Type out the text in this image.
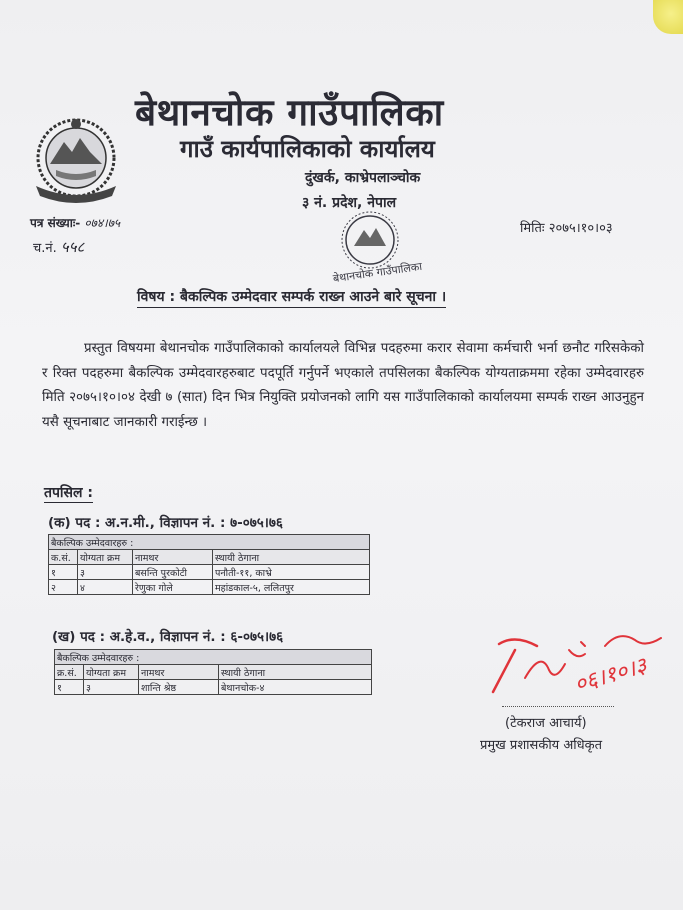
बेथानचोक गाउँपालिका
गाउँ कार्यपालिकाको कार्यालय
दुंखर्क, काभ्रेपलाञ्चोक
३ नं. प्रदेश, नेपाल
पत्र संख्याः- ०७४।७५
च.नं. ५५८
मितिः २०७५।१०।०३
बेथानचोक गाउँपालिका
विषय : बैकल्पिक उम्मेदवार सम्पर्क राख्न आउने बारे सूचना ।

प्रस्तुत विषयमा बेथानचोक गाउँपालिकाको कार्यालयले विभिन्न पदहरुमा करार सेवामा कर्मचारी भर्ना छनौट गरिसकेको र रिक्त पदहरुमा बैकल्पिक उम्मेदवारहरुबाट पदपूर्ति गर्नुपर्ने भएकाले तपसिलका बैकल्पिक योग्यताक्रममा रहेका उम्मेदवारहरु मिति २०७५।१०।०४ देखी ७ (सात) दिन भित्र नियुक्ति प्रयोजनको लागि यस गाउँपालिकाको कार्यालयमा सम्पर्क राख्न आउनुहुन यसै सूचनाबाट जानकारी गराईन्छ ।

तपसिल :
(क) पद : अ.न.मी., विज्ञापन नं. : ७-०७५।७६
बैकल्पिक उम्मेदवारहरु :			
क.सं.	योग्यता क्रम	नामथर	स्थायी ठेगाना
१	३	बसन्ति पुरकोटी	पनौती-११, काभ्रे
२	४	रेणुका गोले	महांडकाल-५, ललितपुर
(ख) पद : अ.हे.व., विज्ञापन नं. : ६-०७५।७६
बैकल्पिक उम्मेदवारहरु :			
क्र.सं.	योग्यता क्रम	नामथर	स्थायी ठेगाना
१	३	शान्ति श्रेष्ठ	बेथानचोक-४	०६।१०।३
(टेकराज आचार्य)
प्रमुख प्रशासकीय अधिकृत
